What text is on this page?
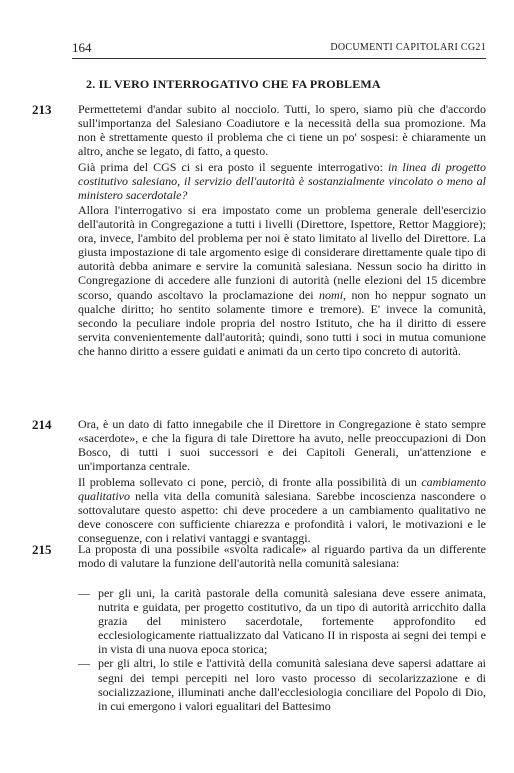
164	DOCUMENTI CAPITOLARI CG21
2. IL VERO INTERROGATIVO CHE FA PROBLEMA
213 Permettetemi d'andar subito al nocciolo. Tutti, lo spero, siamo più che d'accordo sull'importanza del Salesiano Coadiutore e la necessità della sua promozione. Ma non è strettamente questo il problema che ci tiene un po' sospesi: è chiaramente un altro, anche se legato, di fatto, a questo.

Già prima del CGS ci si era posto il seguente interrogativo: in linea di progetto costitutivo salesiano, il servizio dell'autorità è sostanzialmente vincolato o meno al ministero sacerdotale?

Allora l'interrogativo si era impostato come un problema generale dell'esercizio dell'autorità in Congregazione a tutti i livelli (Direttore, Ispettore, Rettor Maggiore); ora, invece, l'ambito del problema per noi è stato limitato al livello del Direttore. La giusta impostazione di tale argomento esige di considerare direttamente quale tipo di autorità debba animare e servire la comunità salesiana. Nessun socio ha diritto in Congregazione di accedere alle funzioni di autorità (nelle elezioni del 15 dicembre scorso, quando ascoltavo la proclamazione dei nomi, non ho neppur sognato un qualche diritto; ho sentito solamente timore e tremore). E' invece la comunità, secondo la peculiare indole propria del nostro Istituto, che ha il diritto di essere servita convenientemente dall'autorità; quindi, sono tutti i soci in mutua comunione che hanno diritto a essere guidati e animati da un certo tipo concreto di autorità.

214 Ora, è un dato di fatto innegabile che il Direttore in Congregazione è stato sempre «sacerdote», e che la figura di tale Direttore ha avuto, nelle preoccupazioni di Don Bosco, di tutti i suoi successori e dei Capitoli Generali, un'attenzione e un'importanza centrale.

Il problema sollevato ci pone, perciò, di fronte alla possibilità di un cambiamento qualitativo nella vita della comunità salesiana. Sarebbe incoscienza nascondere o sottovalutare questo aspetto: chi deve procedere a un cambiamento qualitativo ne deve conoscere con sufficiente chiarezza e profondità i valori, le motivazioni e le conseguenze, con i relativi vantaggi e svantaggi.

215 La proposta di una possibile «svolta radicale» al riguardo partiva da un differente modo di valutare la funzione dell'autorità nella comunità salesiana:

— per gli uni, la carità pastorale della comunità salesiana deve essere animata, nutrita e guidata, per progetto costitutivo, da un tipo di autorità arricchito dalla grazia del ministero sacerdotale, fortemente approfondito ed ecclesiologicamente riattualizzato dal Vaticano II in risposta ai segni dei tempi e in vista di una nuova epoca storica;
— per gli altri, lo stile e l'attività della comunità salesiana deve sapersi adattare ai segni dei tempi percepiti nel loro vasto processo di secolarizzazione e di socializzazione, illuminati anche dall'ecclesiologia conciliare del Popolo di Dio, in cui emergono i valori egualitari del Battesimo
